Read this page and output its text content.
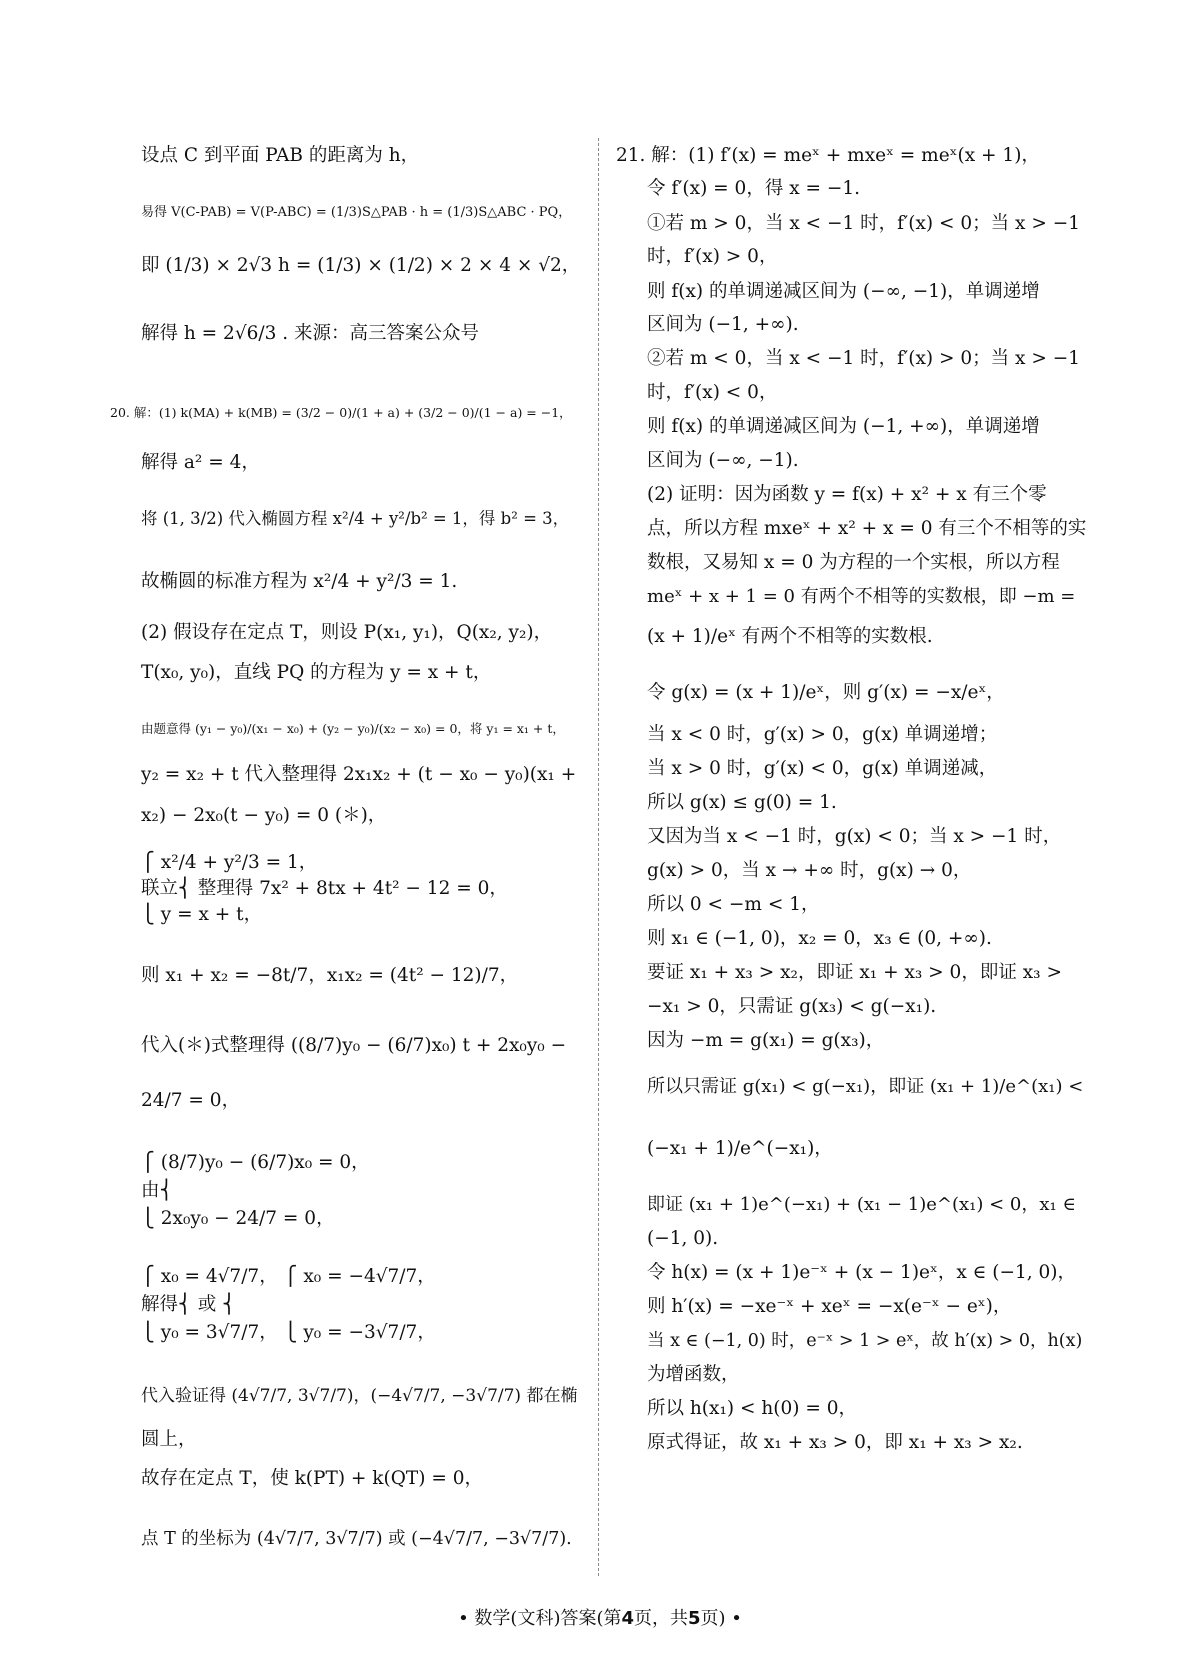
设点 C 到平面 PAB 的距离为 h，
易得 V(C-PAB) = V(P-ABC) = (1/3)S△PAB · h = (1/3)S△ABC · PQ，
即 (1/3) × 2√3 h = (1/3) × (1/2) × 2 × 4 × √2，
解得 h = 2√6/3 . 来源：高三答案公众号
20. 解：(1) k(MA) + k(MB) = (3/2 − 0)/(1 + a) + (3/2 − 0)/(1 − a) = −1，
解得 a² = 4，
将 (1, 3/2) 代入椭圆方程 x²/4 + y²/b² = 1，得 b² = 3，
故椭圆的标准方程为 x²/4 + y²/3 = 1.
(2) 假设存在定点 T，则设 P(x₁, y₁)，Q(x₂, y₂)，
T(x₀, y₀)，直线 PQ 的方程为 y = x + t，
由题意得 (y₁ − y₀)/(x₁ − x₀) + (y₂ − y₀)/(x₂ − x₀) = 0，将 y₁ = x₁ + t，
y₂ = x₂ + t 代入整理得 2x₁x₂ + (t − x₀ − y₀)(x₁ +
x₂) − 2x₀(t − y₀) = 0 (＊)，
⎧ x²/4 + y²/3 = 1，
联立⎨ 整理得 7x² + 8tx + 4t² − 12 = 0，
⎩ y = x + t，
则 x₁ + x₂ = −8t/7，x₁x₂ = (4t² − 12)/7，
代入(＊)式整理得 ((8/7)y₀ − (6/7)x₀) t + 2x₀y₀ −
24/7 = 0，
⎧ (8/7)y₀ − (6/7)x₀ = 0，
由⎨
⎩ 2x₀y₀ − 24/7 = 0，
⎧ x₀ = 4√7/7， ⎧ x₀ = −4√7/7，
解得⎨ 或 ⎨
⎩ y₀ = 3√7/7， ⎩ y₀ = −3√7/7，
代入验证得 (4√7/7, 3√7/7)，(−4√7/7, −3√7/7) 都在椭
圆上，
故存在定点 T，使 k(PT) + k(QT) = 0，
点 T 的坐标为 (4√7/7, 3√7/7) 或 (−4√7/7, −3√7/7).
21. 解：(1) f′(x) = meˣ + mxeˣ = meˣ(x + 1)，
令 f′(x) = 0，得 x = −1.
①若 m > 0，当 x < −1 时，f′(x) < 0；当 x > −1
时，f′(x) > 0，
则 f(x) 的单调递减区间为 (−∞, −1)，单调递增
区间为 (−1, +∞).
②若 m < 0，当 x < −1 时，f′(x) > 0；当 x > −1
时，f′(x) < 0，
则 f(x) 的单调递减区间为 (−1, +∞)，单调递增
区间为 (−∞, −1).
(2) 证明：因为函数 y = f(x) + x² + x 有三个零
点，所以方程 mxeˣ + x² + x = 0 有三个不相等的实
数根，又易知 x = 0 为方程的一个实根，所以方程
meˣ + x + 1 = 0 有两个不相等的实数根，即 −m =
(x + 1)/eˣ 有两个不相等的实数根.
令 g(x) = (x + 1)/eˣ，则 g′(x) = −x/eˣ，
当 x < 0 时，g′(x) > 0，g(x) 单调递增；
当 x > 0 时，g′(x) < 0，g(x) 单调递减，
所以 g(x) ≤ g(0) = 1.
又因为当 x < −1 时，g(x) < 0；当 x > −1 时，
g(x) > 0，当 x → +∞ 时，g(x) → 0，
所以 0 < −m < 1，
则 x₁ ∈ (−1, 0)，x₂ = 0，x₃ ∈ (0, +∞).
要证 x₁ + x₃ > x₂，即证 x₁ + x₃ > 0，即证 x₃ >
−x₁ > 0，只需证 g(x₃) < g(−x₁).
因为 −m = g(x₁) = g(x₃)，
所以只需证 g(x₁) < g(−x₁)，即证 (x₁ + 1)/e^(x₁) <
(−x₁ + 1)/e^(−x₁)，
即证 (x₁ + 1)e^(−x₁) + (x₁ − 1)e^(x₁) < 0，x₁ ∈
(−1, 0).
令 h(x) = (x + 1)e⁻ˣ + (x − 1)eˣ，x ∈ (−1, 0)，
则 h′(x) = −xe⁻ˣ + xeˣ = −x(e⁻ˣ − eˣ)，
当 x ∈ (−1, 0) 时，e⁻ˣ > 1 > eˣ，故 h′(x) > 0，h(x)
为增函数，
所以 h(x₁) < h(0) = 0，
原式得证，故 x₁ + x₃ > 0，即 x₁ + x₃ > x₂.
• 数学(文科)答案(第4页，共5页) •
